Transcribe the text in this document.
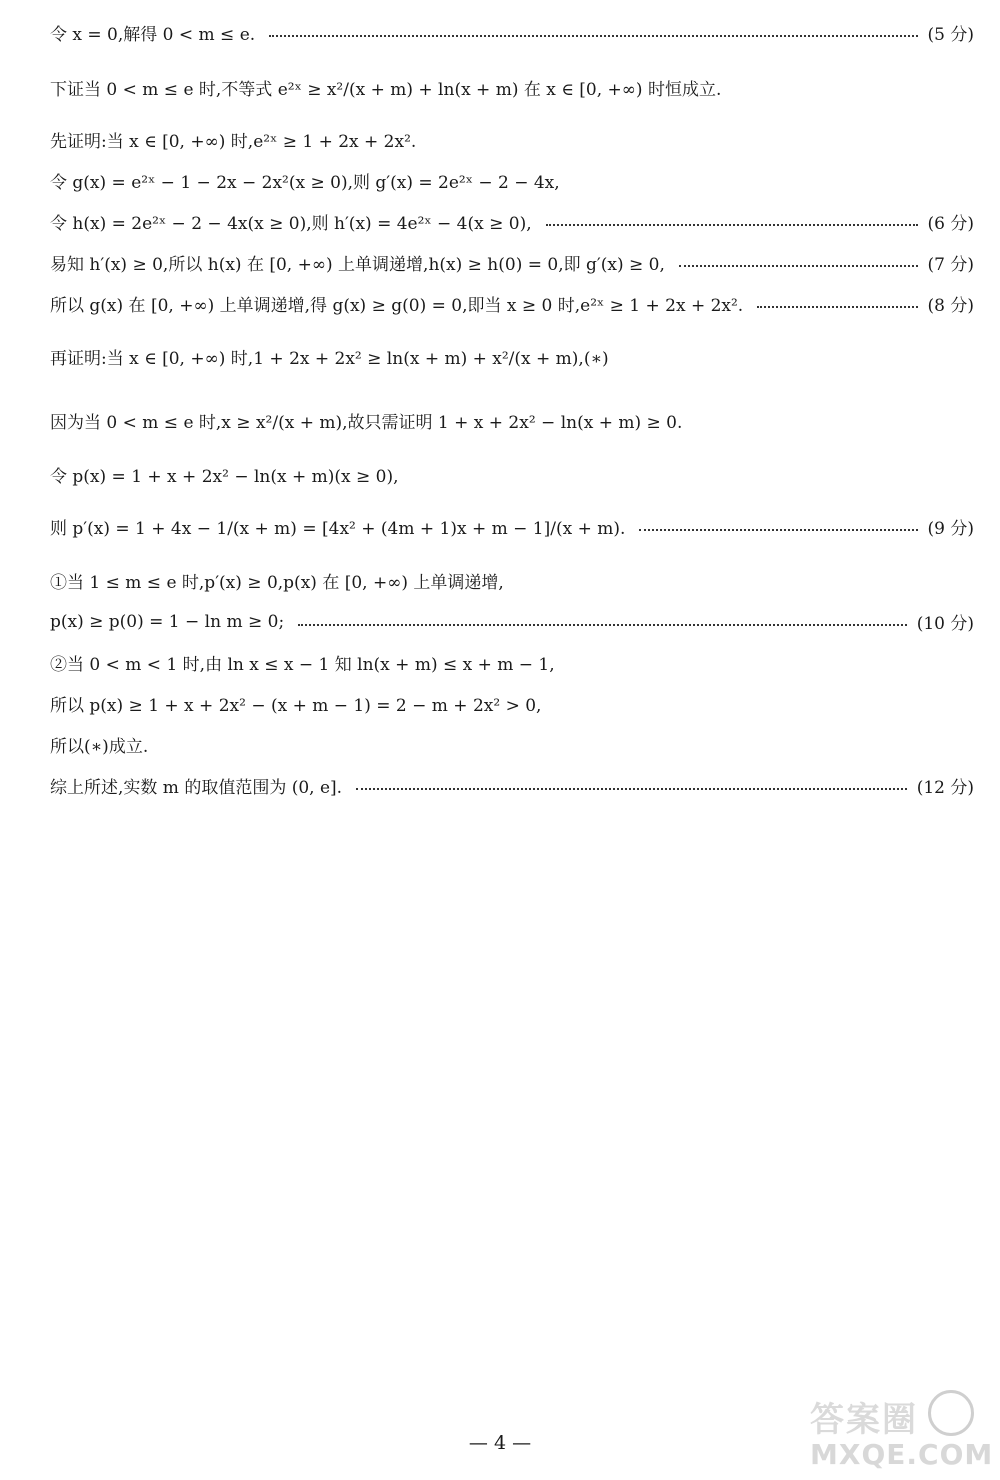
令 x = 0,解得 0 < m ≤ e.	(5 分)
下证当 0 < m ≤ e 时,不等式 e²ˣ ≥ x²/(x + m) + ln(x + m) 在 x ∈ [0, +∞) 时恒成立.
先证明:当 x ∈ [0, +∞) 时,e²ˣ ≥ 1 + 2x + 2x².
令 g(x) = e²ˣ − 1 − 2x − 2x²(x ≥ 0),则 g′(x) = 2e²ˣ − 2 − 4x,
令 h(x) = 2e²ˣ − 2 − 4x(x ≥ 0),则 h′(x) = 4e²ˣ − 4(x ≥ 0),	(6 分)
易知 h′(x) ≥ 0,所以 h(x) 在 [0, +∞) 上单调递增,h(x) ≥ h(0) = 0,即 g′(x) ≥ 0,	(7 分)
所以 g(x) 在 [0, +∞) 上单调递增,得 g(x) ≥ g(0) = 0,即当 x ≥ 0 时,e²ˣ ≥ 1 + 2x + 2x².	(8 分)
再证明:当 x ∈ [0, +∞) 时,1 + 2x + 2x² ≥ ln(x + m) + x²/(x + m),(∗)
因为当 0 < m ≤ e 时,x ≥ x²/(x + m),故只需证明 1 + x + 2x² − ln(x + m) ≥ 0.
令 p(x) = 1 + x + 2x² − ln(x + m)(x ≥ 0),
则 p′(x) = 1 + 4x − 1/(x + m) = [4x² + (4m + 1)x + m − 1]/(x + m).	(9 分)
①当 1 ≤ m ≤ e 时,p′(x) ≥ 0,p(x) 在 [0, +∞) 上单调递增,
p(x) ≥ p(0) = 1 − ln m ≥ 0;	(10 分)
②当 0 < m < 1 时,由 ln x ≤ x − 1 知 ln(x + m) ≤ x + m − 1,
所以 p(x) ≥ 1 + x + 2x² − (x + m − 1) = 2 − m + 2x² > 0,
所以(∗)成立.
综上所述,实数 m 的取值范围为 (0, e].	(12 分)
— 4 —
答案圈
MXQE.COM
